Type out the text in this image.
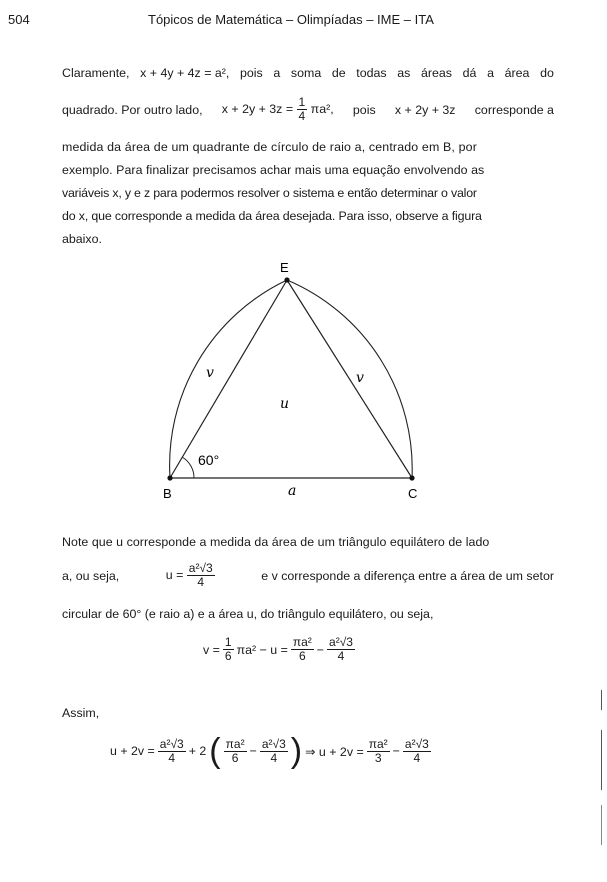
504	Tópicos de Matemática – Olimpíadas – IME – ITA
Claramente, x + 4y + 4z = a², pois a soma de todas as áreas dá a área do
quadrado. Por outro lado, $x + 2y + 3z = \frac{1}{4} \pi a^2$, pois x + 2y + 3z corresponde a
medida da área de um quadrante de círculo de raio a, centrado em B, por
exemplo. Para finalizar precisamos achar mais uma equação envolvendo as
variáveis x, y e z para podermos resolver o sistema e então determinar o valor
do x, que corresponde a medida da área desejada. Para isso, observe a figura
abaixo.
E
B	C
a
u
v	v
60°
Note que u corresponde a medida da área de um triângulo equilátero de lado
a, ou seja,	$u = \frac{\text{a²√3}}{4}$	e v corresponde a diferença entre a área de um setor
circular de 60° (e raio a) e a área u, do triângulo equilátero, ou seja,
$v = \frac{1}{6} \pi a^2 - u = \frac{\text{πa²}}{6} - \frac{\text{a²√3}}{4}$
Assim,
$u + 2v = \frac{\text{a²√3}}{4} + 2$ ( $\frac{\text{πa²}}{6} - \frac{\text{a²√3}}{4}$ ) ⇒ $u + 2v = \frac{\text{πa²}}{3} - \frac{\text{a²√3}}{4}$
